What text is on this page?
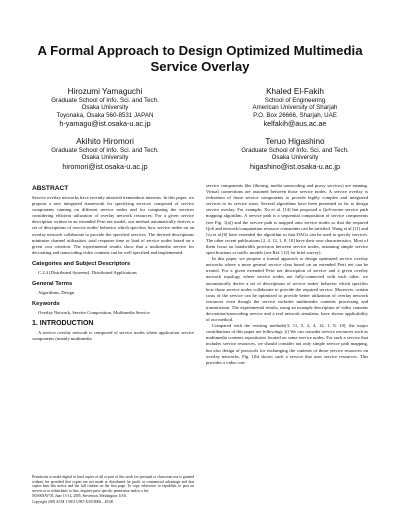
A Formal Approach to Design Optimized Multimedia
Service Overlay
Hirozumi Yamaguchi
Graduate School of Info. Sci. and Tech.
Osaka University
Toyonaka, Osaka 560-8531 JAPAN
h-yamagu@ist.osaka-u.ac.jp
Khaled El-Fakih
School of Engineering
American University of Sharjah
P.O. Box 26666, Sharjah, UAE
kelfakih@aus.ac.ae
Akihito Hiromori
Graduate School of Info. Sci. and Tech.
Osaka University
hiromori@ist.osaka-u.ac.jp
Teruo Higashino
Graduate School of Info. Sci. and Tech.
Osaka University
higashino@ist.osaka-u.ac.jp
ABSTRACT

Service overlay networks have recently attracted tremendous interests. In this paper, we propose a new integrated framework for specifying services composed of service components running on different service nodes and for computing the services considering efficient utilization of overlay network resources. For a given service description written in an extended Petri net model, our method automatically derives a set of descriptions of service nodes' behavior which specifies how service nodes on an overlay network collaborate to provide the specified services. The derived descriptions minimize channel utilization, total response time or load of service nodes based on a given cost criterion. The experimental results show that a multimedia service for decorating and transcoding video contents can be well specified and implemented.

Categories and Subject Descriptors

C.2.4 [Distributed Systems]: Distributed Applications

General Terms

Algorithms, Design

Keywords

Overlay Network, Service Composition, Multimedia Service

1. INTRODUCTION

A service overlay network is composed of service nodes where application service components (mainly multimedia

Permission to make digital or hard copies of all or part of this work for personal or classroom use is granted without fee provided that copies are not made or distributed for profit or commercial advantage and that copies bear this notice and the full citation on the first page. To copy otherwise, to republish, to post on servers or to redistribute to lists, requires prior specific permission and/or a fee.

NOSSDAV'05, June 13-14, 2005, Stevenson, Washington, USA.

Copyright 2005 ACM 1-58113-987-X/05/0006 ...$5.00.

service components like filtering, media transcoding and proxy services) are running. Virtual connections are assumed between those service nodes. A service overlay is federation of those service components to provide highly complex and integrated services to its service users. Several algorithms have been presented so far to design service overlay. For example, Xu et al. [14] has proposed a QoS-aware service path mapping algorithm. A service path is a sequential composition of service components (see Fig. 1(a)) and the service path is mapped onto service nodes so that the required QoS and network/computation resource constraints can be satisfied. Wang et al.[11] and Gu et al.[6] have extended the algorithm so that DAGs can be used to specify services. The other recent publications [2, 4, 12, 1, 8, 10] have their own characteristics. Most of them focus on bandwidth provision between service nodes, assuming simple service specifications or traffic models (see Ref. [12] for brief survey).

In this paper, we propose a formal approach to design optimized service overlay networks where a more general service class based on an extended Petri net can be treated. For a given extended Petri net description of service and a given overlay network topology where service nodes are fully-connected with each other, we automatically derive a set of descriptions of service nodes' behavior which specifies how those service nodes collaborate to provide the required service. Moreover, certain costs of the service can be optimized to provide better utilization of overlay network resources even though the service includes multimedia contents processing and transmission. The experimental results, using an example description of video contents decoration/transcoding service and a real network simulator, have shown applicability of our method.

Compared with the existing methods[3, 11, 5, 2, 4, 12, 1, 8, 10], the major contributions of this paper are followings. (i) We can consider service resources such as multimedia contents repositories located on some service nodes. For such a service that includes service resources, we should consider not only simple service path mapping, but also design of protocols for exchanging the contents of those service resources on overlay networks. Fig. 1(b) shows such a service that uses service resources. This provides a video con-
